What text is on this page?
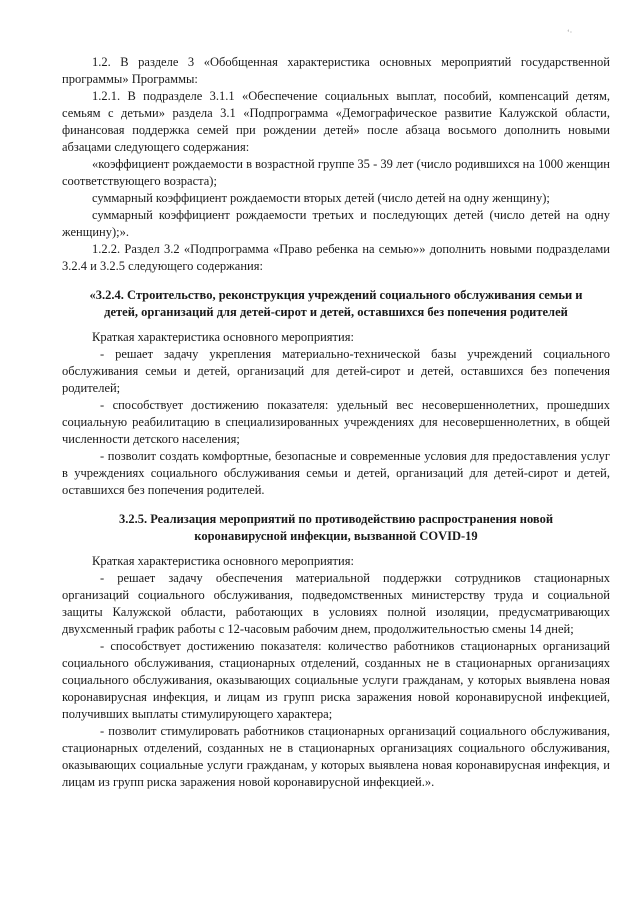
‘·

1.2. В разделе 3 «Обобщенная характеристика основных мероприятий государственной программы» Программы:

1.2.1. В подразделе 3.1.1 «Обеспечение социальных выплат, пособий, компенсаций детям, семьям с детьми» раздела 3.1 «Подпрограмма «Демографическое развитие Калужской области, финансовая поддержка семей при рождении детей» после абзаца восьмого дополнить новыми абзацами следующего содержания:

«коэффициент рождаемости в возрастной группе 35 - 39 лет (число родившихся на 1000 женщин соответствующего возраста);

суммарный коэффициент рождаемости вторых детей (число детей на одну женщину);

суммарный коэффициент рождаемости третьих и последующих детей (число детей на одну женщину);».

1.2.2. Раздел 3.2 «Подпрограмма «Право ребенка на семью»» дополнить новыми подразделами 3.2.4 и 3.2.5 следующего содержания:

«3.2.4. Строительство, реконструкция учреждений социального обслуживания семьи и детей, организаций для детей-сирот и детей, оставшихся без попечения родителей

Краткая характеристика основного мероприятия:

- решает задачу укрепления материально-технической базы учреждений социального обслуживания семьи и детей, организаций для детей-сирот и детей, оставшихся без попечения родителей;

- способствует достижению показателя: удельный вес несовершеннолетних, прошедших социальную реабилитацию в специализированных учреждениях для несовершеннолетних, в общей численности детского населения;

- позволит создать комфортные, безопасные и современные условия для предоставления услуг в учреждениях социального обслуживания семьи и детей, организаций для детей-сирот и детей, оставшихся без попечения родителей.

3.2.5. Реализация мероприятий по противодействию распространения новой коронавирусной инфекции, вызванной COVID-19

Краткая характеристика основного мероприятия:

- решает задачу обеспечения материальной поддержки сотрудников стационарных организаций социального обслуживания, подведомственных министерству труда и социальной защиты Калужской области, работающих в условиях полной изоляции, предусматривающих двухсменный график работы с 12-часовым рабочим днем, продолжительностью смены 14 дней;

- способствует достижению показателя: количество работников стационарных организаций социального обслуживания, стационарных отделений, созданных не в стационарных организациях социального обслуживания, оказывающих социальные услуги гражданам, у которых выявлена новая коронавирусная инфекция, и лицам из групп риска заражения новой коронавирусной инфекцией, получивших выплаты стимулирующего характера;

- позволит стимулировать работников стационарных организаций социального обслуживания, стационарных отделений, созданных не в стационарных организациях социального обслуживания, оказывающих социальные услуги гражданам, у которых выявлена новая коронавирусная инфекция, и лицам из групп риска заражения новой коронавирусной инфекцией.».
